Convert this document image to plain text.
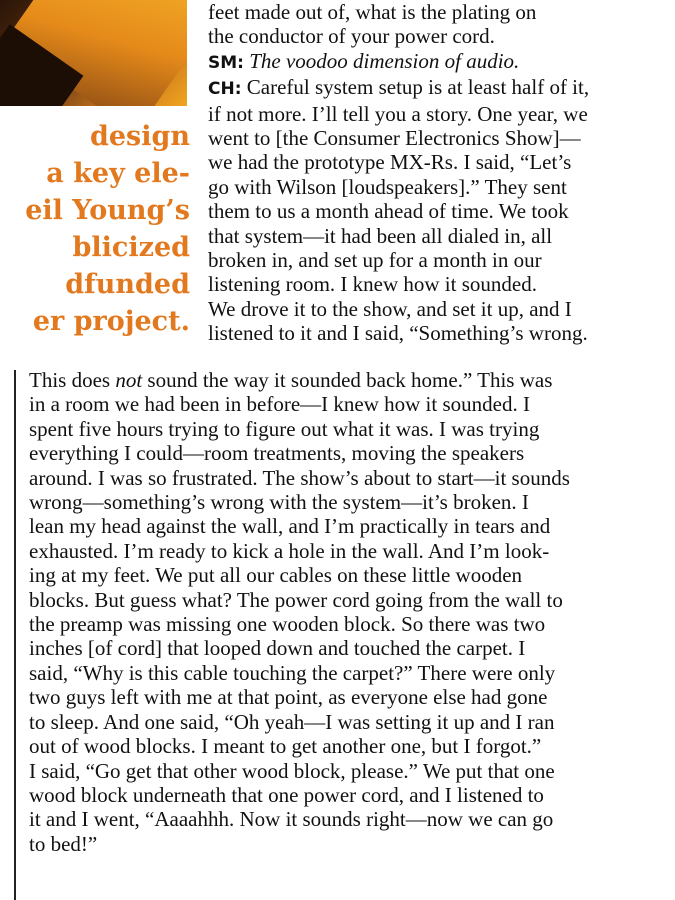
design
a key ele-
eil Young’s
blicized
dfunded
er project.
feet made out of, what is the plating on
the conductor of your power cord.
SM: The voodoo dimension of audio.
CH: Careful system setup is at least half of it,
if not more. I’ll tell you a story. One year, we
went to [the Consumer Electronics Show]—
we had the prototype MX-Rs. I said, “Let’s
go with Wilson [loudspeakers].” They sent
them to us a month ahead of time. We took
that system—it had been all dialed in, all
broken in, and set up for a month in our
listening room. I knew how it sounded.
We drove it to the show, and set it up, and I
listened to it and I said, “Something’s wrong.
This does not sound the way it sounded back home.” This was
in a room we had been in before—I knew how it sounded. I
spent five hours trying to figure out what it was. I was trying
everything I could—room treatments, moving the speakers
around. I was so frustrated. The show’s about to start—it sounds
wrong—something’s wrong with the system—it’s broken. I
lean my head against the wall, and I’m practically in tears and
exhausted. I’m ready to kick a hole in the wall. And I’m look-
ing at my feet. We put all our cables on these little wooden
blocks. But guess what? The power cord going from the wall to
the preamp was missing one wooden block. So there was two
inches [of cord] that looped down and touched the carpet. I
said, “Why is this cable touching the carpet?” There were only
two guys left with me at that point, as everyone else had gone
to sleep. And one said, “Oh yeah—I was setting it up and I ran
out of wood blocks. I meant to get another one, but I forgot.”
I said, “Go get that other wood block, please.” We put that one
wood block underneath that one power cord, and I listened to
it and I went, “Aaaahhh. Now it sounds right—now we can go
to bed!”
